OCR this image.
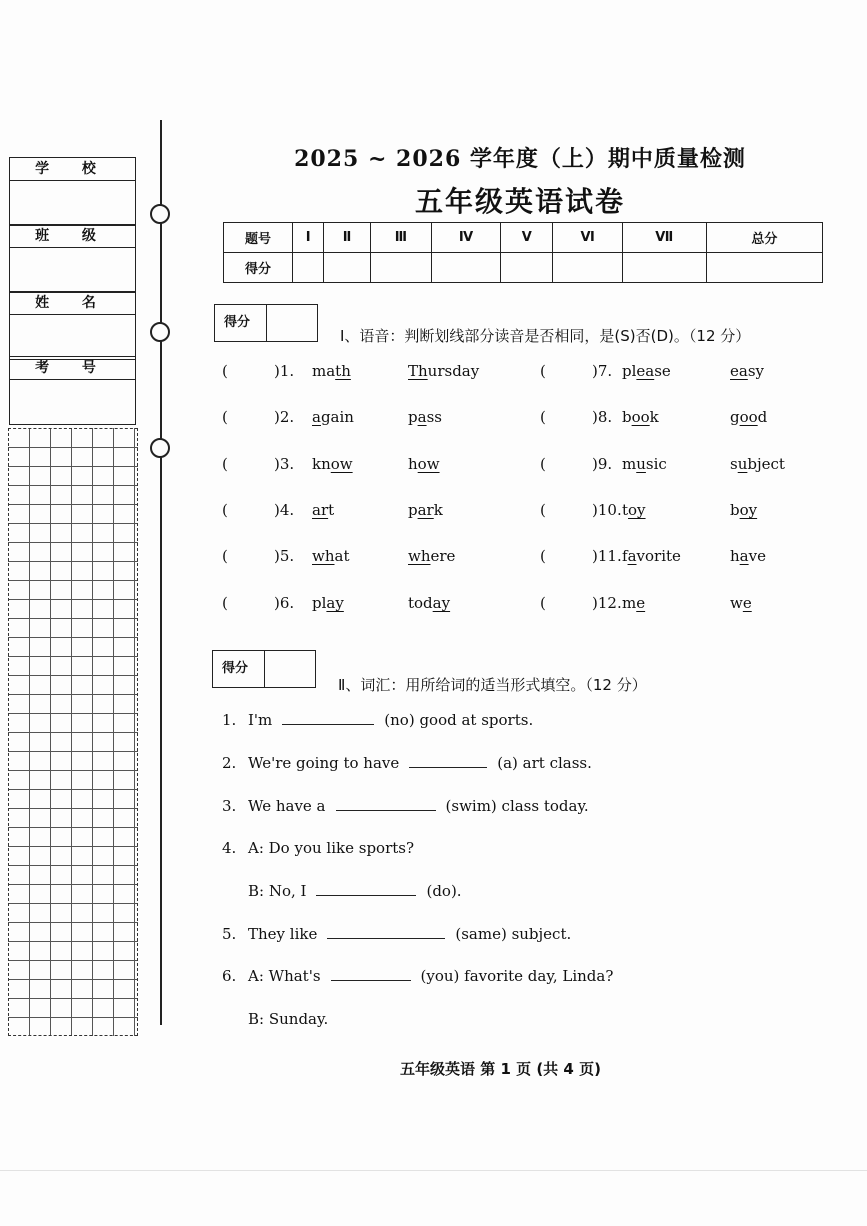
学 校
班 级
姓 名
考 号
2025 ~ 2026 学年度（上）期中质量检测
五年级英语试卷
题号	Ⅰ	Ⅱ	Ⅲ	Ⅳ	Ⅴ	Ⅵ	Ⅶ	总分
得分								
得分
Ⅰ、语音：判断划线部分读音是否相同，是(S)否(D)。（12 分）
(	)1. math	Thursday
(	)2. again	pass
(	)3. know	how
(	)4. art	park
(	)5. what	where
(	)6. play	today
(	)7. please	easy
(	)8. book	good
(	)9. music	subject
(	)10. toy	boy
(	)11. favorite	have
(	)12. me	we
得分
Ⅱ、词汇：用所给词的适当形式填空。（12 分）
1. I'm	(no) good at sports.
2. We're going to have	(a) art class.
3. We have a	(swim) class today.
4. A: Do you like sports?
B: No, I	(do).
5. They like	(same) subject.
6. A: What's	(you) favorite day, Linda?
B: Sunday.
五年级英语 第 1 页 (共 4 页)
